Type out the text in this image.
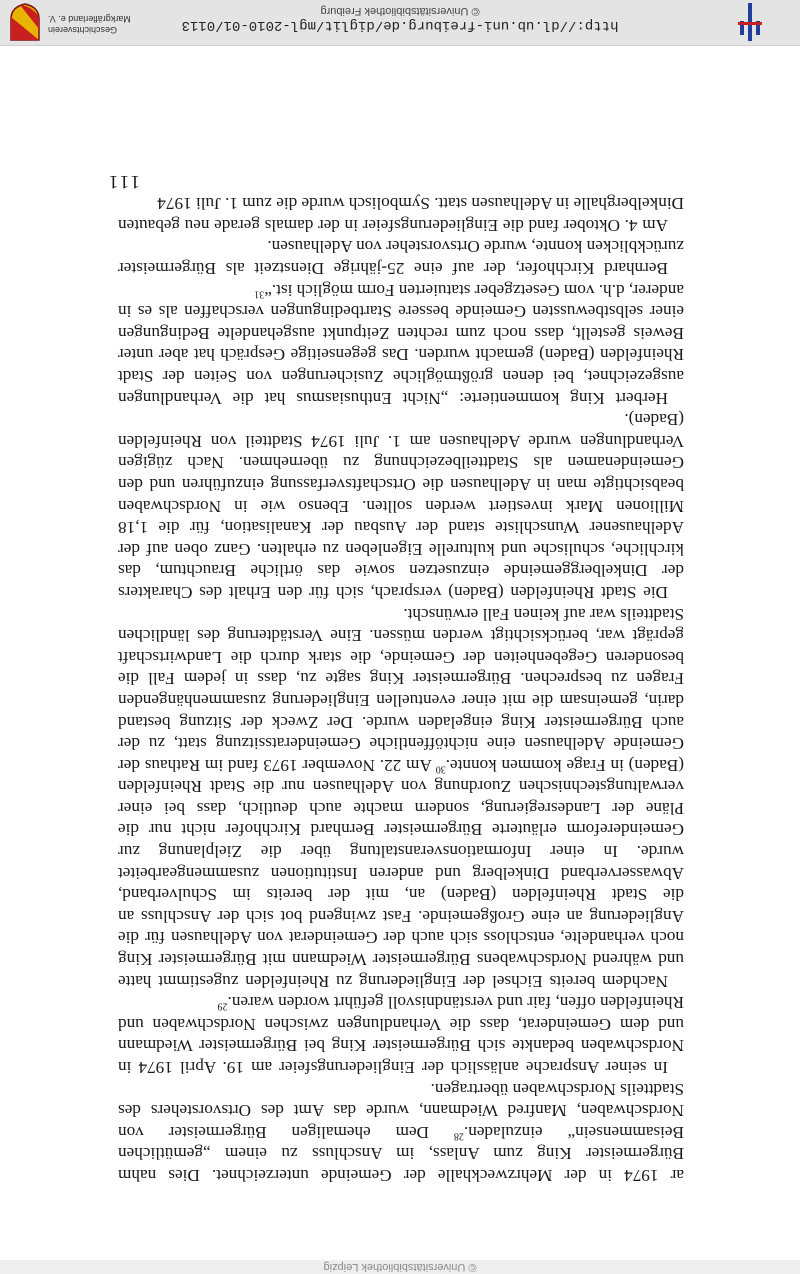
© Universitätsbibliothek Leipzig

ar 1974 in der Mehrzweckhalle der Gemeinde unterzeichnet. Dies nahm Bürgermeister King zum Anlass, im Anschluss zu einem „gemütlichen Beisammensein“ einzuladen.$^{28}$ Dem ehemaligen Bürgermeister von Nordschwaben, Manfred Wiedmann, wurde das Amt des Ortsvorstehers des Stadtteils Nordschwaben übertragen.

In seiner Ansprache anlässlich der Eingliederungsfeier am 19. April 1974 in Nordschwaben bedankte sich Bürgermeister King bei Bürgermeister Wiedmann und dem Gemeinderat, dass die Verhandlungen zwischen Nordschwaben und Rheinfelden offen, fair und verständnisvoll geführt worden waren.$^{29}$

Nachdem bereits Eichsel der Eingliederung zu Rheinfelden zugestimmt hatte und während Nordschwabens Bürgermeister Wiedmann mit Bürgermeister King noch verhandelte, entschloss sich auch der Gemeinderat von Adelhausen für die Angliederung an eine Großgemeinde. Fast zwingend bot sich der Anschluss an die Stadt Rheinfelden (Baden) an, mit der bereits im Schulverband, Abwasserverband Dinkelberg und anderen Institutionen zusammengearbeitet wurde. In einer Informationsveranstaltung über die Zielplanung zur Gemeindereform erläuterte Bürgermeister Bernhard Kirchhofer nicht nur die Pläne der Landesregierung, sondern machte auch deutlich, dass bei einer verwaltungstechnischen Zuordnung von Adelhausen nur die Stadt Rheinfelden (Baden) in Frage kommen konnte.$^{30}$ Am 22. November 1973 fand im Rathaus der Gemeinde Adelhausen eine nichtöffentliche Gemeinderatssitzung statt, zu der auch Bürgermeister King eingeladen wurde. Der Zweck der Sitzung bestand darin, gemeinsam die mit einer eventuellen Eingliederung zusammenhängenden Fragen zu besprechen. Bürgermeister King sagte zu, dass in jedem Fall die besonderen Gegebenheiten der Gemeinde, die stark durch die Landwirtschaft geprägt war, berücksichtigt werden müssen. Eine Verstädterung des ländlichen Stadtteils war auf keinen Fall erwünscht.

Die Stadt Rheinfelden (Baden) versprach, sich für den Erhalt des Charakters der Dinkelberggemeinde einzusetzen sowie das örtliche Brauchtum, das kirchliche, schulische und kulturelle Eigenleben zu erhalten. Ganz oben auf der Adelhausener Wunschliste stand der Ausbau der Kanalisation, für die 1,18 Millionen Mark investiert werden sollten. Ebenso wie in Nordschwaben beabsichtigte man in Adelhausen die Ortschaftsverfassung einzuführen und den Gemeindenamen als Stadtteilbezeichnung zu übernehmen. Nach zügigen Verhandlungen wurde Adelhausen am 1. Juli 1974 Stadtteil von Rheinfelden (Baden).

Herbert King kommentierte: „Nicht Enthusiasmus hat die Verhandlungen ausgezeichnet, bei denen größtmögliche Zusicherungen von Seiten der Stadt Rheinfelden (Baden) gemacht wurden. Das gegenseitige Gespräch hat aber unter Beweis gestellt, dass noch zum rechten Zeitpunkt ausgehandelte Bedingungen einer selbstbewussten Gemeinde bessere Startbedingungen verschaffen als es in anderer, d.h. vom Gesetzgeber statuierten Form möglich ist.“$^{31}$

Bernhard Kirchhofer, der auf eine 25-jährige Dienstzeit als Bürgermeister zurückblicken konnte, wurde Ortsvorsteher von Adelhausen.

Am 4. Oktober fand die Eingliederungsfeier in der damals gerade neu gebauten Dinkelberghalle in Adelhausen statt. Symbolisch wurde die zum 1. Juli 1974

111
http://dl.ub.uni-freiburg.de/diglit/mgl-2010-01/0113
© Universitätsbibliothek Freiburg
Geschichtsverein
Markgräflerland e. V.
